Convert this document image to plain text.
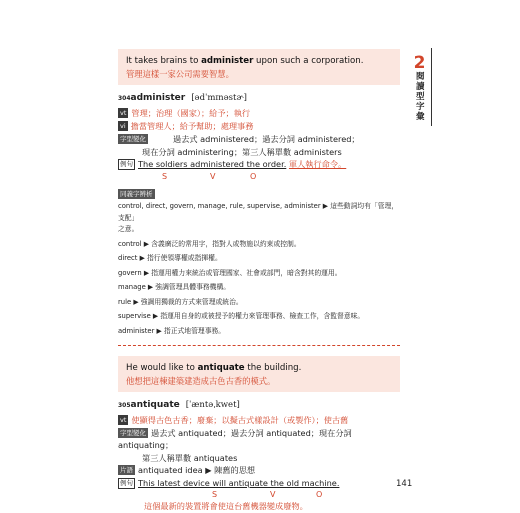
It takes brains to administer upon such a corporation.
管理這樣一家公司需要智慧。
$^{304}$administer [ədˈmɪnəstɚ]
vt 管理；治理（國家）；給予；執行
vi 擔當管理人；給予幫助；處理事務
字型變化	過去式 administered；過去分詞 administered；
現在分詞 administering；第三人稱單數 administers
例句 The soldiers administered the order. 軍人執行命令。
S	V	O
同義字辨析
control, direct, govern, manage, rule, supervise, administer ▶ 這些動詞均有「管理，支配」
之意。
control ▶ 含義廣泛的常用字，指對人或物施以約束或控制。
direct ▶ 指行使領導權或指揮權。
govern ▶ 指運用權力來統治或管理國家、社會或部門，暗含對其的運用。
manage ▶ 強調管理具體事務機構。
rule ▶ 強調用獨裁的方式來管理或統治。
supervise ▶ 指運用自身的或被授予的權力來管理事務、檢查工作，含監督意味。
administer ▶ 指正式地管理事務。
He would like to antiquate the building.
他想把這棟建築建造成古色古香的模式。
$^{305}$antiquate [ˈæntəˌkwet]
vt 使顯得古色古香；廢棄；以擬古式樣設計（或製作）；使古舊
字型變化 過去式 antiquated；過去分詞 antiquated；現在分詞 antiquating；
第三人稱單數 antiquates
片語 antiquated idea ▶ 陳舊的思想
例句 This latest device will antiquate the old machine.
S	V	O
這個最新的裝置將會使這台舊機器變成廢物。
2
閱讀型字彙
141
